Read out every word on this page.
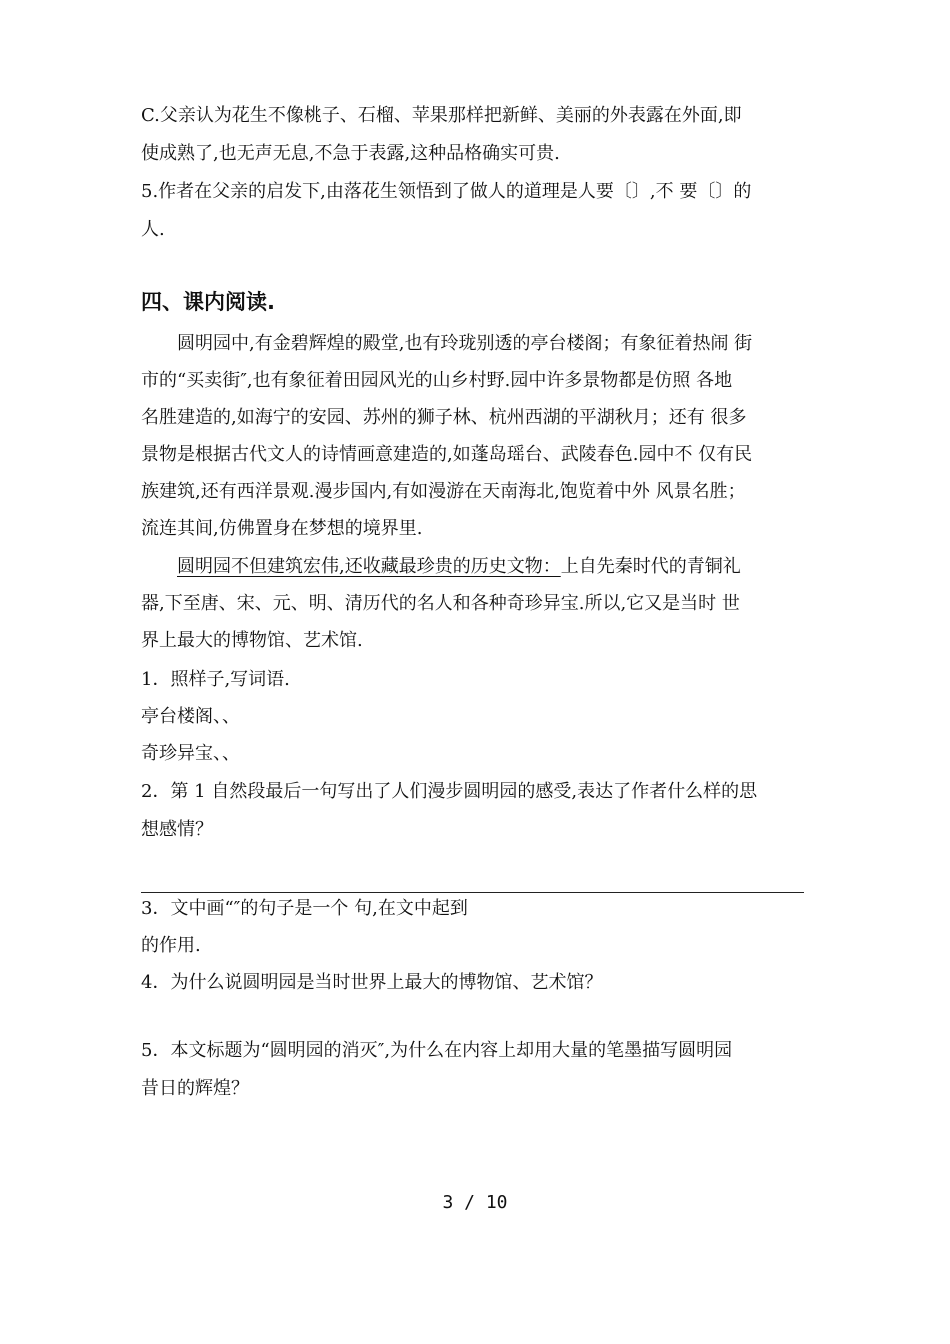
C.父亲认为花生不像桃子、石榴、苹果那样把新鲜、美丽的外表露在外面,即
使成熟了,也无声无息,不急于表露,这种品格确实可贵.
5.作者在父亲的启发下,由落花生领悟到了做人的道理是人要〔〕,不 要〔〕的
人.
四、课内阅读.
圆明园中,有金碧辉煌的殿堂,也有玲珑别透的亭台楼阁；有象征着热闹 街
市的“买卖街″,也有象征着田园风光的山乡村野.园中许多景物都是仿照 各地
名胜建造的,如海宁的安园、苏州的狮子林、杭州西湖的平湖秋月；还有 很多
景物是根据古代文人的诗情画意建造的,如蓬岛瑶台、武陵春色.园中不 仅有民
族建筑,还有西洋景观.漫步国内,有如漫游在天南海北,饱览着中外 风景名胜；
流连其间,仿佛置身在梦想的境界里.
圆明园不但建筑宏伟,还收藏最珍贵的历史文物：上自先秦时代的青铜礼
器,下至唐、宋、元、明、清历代的名人和各种奇珍异宝.所以,它又是当时 世
界上最大的博物馆、艺术馆.
1．照样子,写词语.
亭台楼阁、、
奇珍异宝、、
2．第 1 自然段最后一句写出了人们漫步圆明园的感受,表达了作者什么样的思
想感情？
3．文中画“″的句子是一个 句,在文中起到
的作用.
4．为什么说圆明园是当时世界上最大的博物馆、艺术馆？
5．本文标题为“圆明园的消灭″,为什么在内容上却用大量的笔墨描写圆明园
昔日的辉煌？
3 / 10
